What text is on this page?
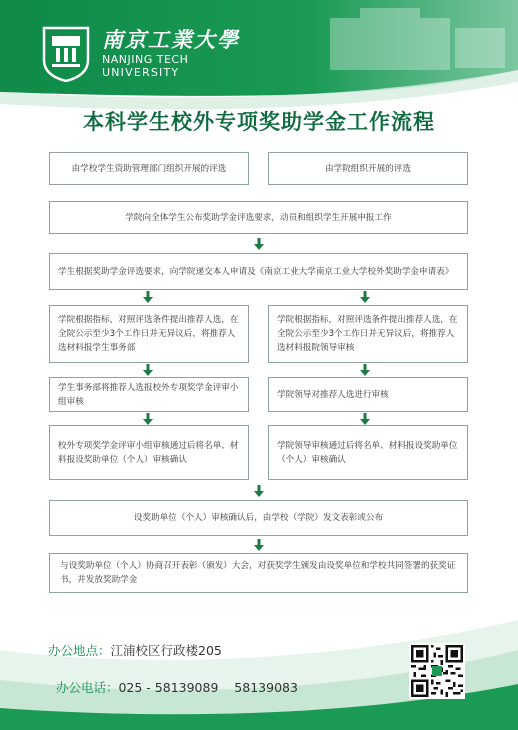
南京工業大學
NANJING TECH
UNIVERSITY
本科学生校外专项奖助学金工作流程
由学校学生资助管理部门组织开展的评选	由学院组织开展的评选
学院向全体学生公布奖助学金评选要求，动员和组织学生开展申报工作
学生根据奖助学金评选要求，向学院递交本人申请及《南京工业大学南京工业大学校外奖助学金申请表》
学院根据指标，对照评选条件提出推荐人选，在全院公示至少3个工作日并无异议后，将推荐人选材料报学生事务部
学院根据指标，对照评选条件提出推荐人选，在全院公示至少3个工作日并无异议后，将推荐人选材料报院领导审核
学生事务部将推荐人选报校外专项奖学金评审小组审核
学院领导对推荐人选进行审核
校外专项奖学金评审小组审核通过后将名单、材料报设奖助单位（个人）审核确认
学院领导审核通过后将名单、材料报设奖助单位（个人）审核确认
设奖助单位（个人）审核确认后，由学校（学院）发文表彰或公布
与设奖助单位（个人）协商召开表彰（颁发）大会，对获奖学生颁发由设奖单位和学校共同签署的获奖证书，并发放奖助学金
办公地点：江浦校区行政楼205

办公电话：025 - 58139089    58139083
